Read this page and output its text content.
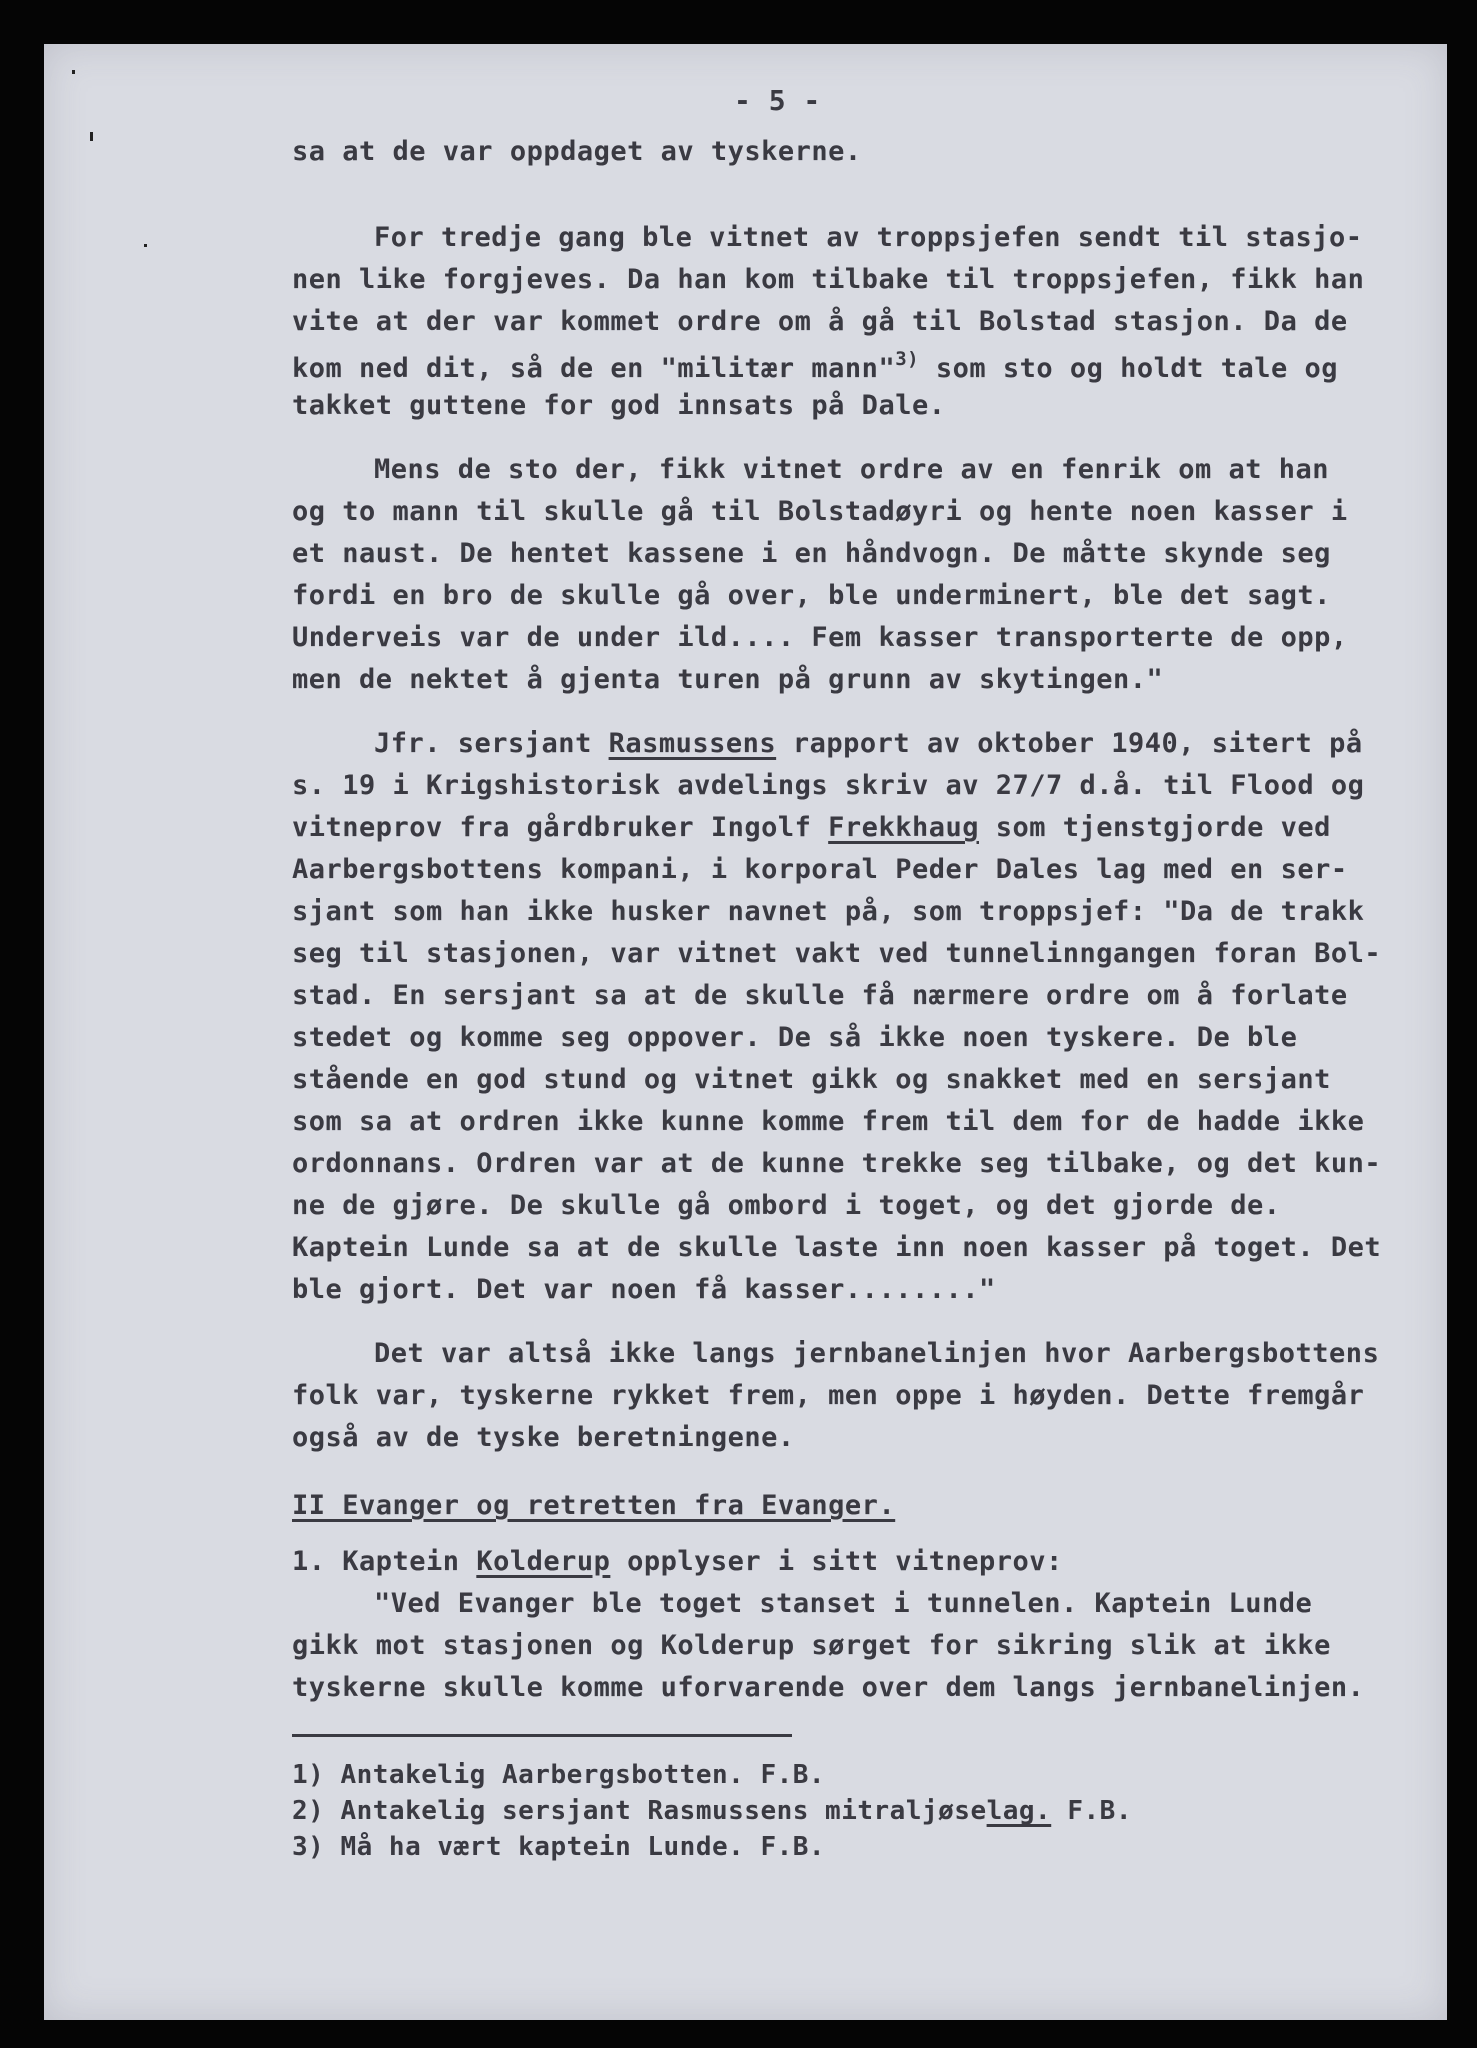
- 5 -
sa at de var oppdaget av tyskerne.
For tredje gang ble vitnet av troppsjefen sendt til stasjo-
nen like forgjeves. Da han kom tilbake til troppsjefen, fikk han
vite at der var kommet ordre om å gå til Bolstad stasjon. Da de
kom ned dit, så de en "militær mann"$^{3)}$ som sto og holdt tale og
takket guttene for god innsats på Dale.
Mens de sto der, fikk vitnet ordre av en fenrik om at han
og to mann til skulle gå til Bolstadøyri og hente noen kasser i
et naust. De hentet kassene i en håndvogn. De måtte skynde seg
fordi en bro de skulle gå over, ble underminert, ble det sagt.
Underveis var de under ild.... Fem kasser transporterte de opp,
men de nektet å gjenta turen på grunn av skytingen."
Jfr. sersjant Rasmussens rapport av oktober 1940, sitert på
s. 19 i Krigshistorisk avdelings skriv av 27/7 d.å. til Flood og
vitneprov fra gårdbruker Ingolf Frekkhaug som tjenstgjorde ved
Aarbergsbottens kompani, i korporal Peder Dales lag med en ser-
sjant som han ikke husker navnet på, som troppsjef: "Da de trakk
seg til stasjonen, var vitnet vakt ved tunnelinngangen foran Bol-
stad. En sersjant sa at de skulle få nærmere ordre om å forlate
stedet og komme seg oppover. De så ikke noen tyskere. De ble
stående en god stund og vitnet gikk og snakket med en sersjant
som sa at ordren ikke kunne komme frem til dem for de hadde ikke
ordonnans. Ordren var at de kunne trekke seg tilbake, og det kun-
ne de gjøre. De skulle gå ombord i toget, og det gjorde de.
Kaptein Lunde sa at de skulle laste inn noen kasser på toget. Det
ble gjort. Det var noen få kasser........"
Det var altså ikke langs jernbanelinjen hvor Aarbergsbottens
folk var, tyskerne rykket frem, men oppe i høyden. Dette fremgår
også av de tyske beretningene.
II Evanger og retretten fra Evanger.
1. Kaptein Kolderup opplyser i sitt vitneprov:
"Ved Evanger ble toget stanset i tunnelen. Kaptein Lunde
gikk mot stasjonen og Kolderup sørget for sikring slik at ikke
tyskerne skulle komme uforvarende over dem langs jernbanelinjen.
1) Antakelig Aarbergsbotten. F.B.
2) Antakelig sersjant Rasmussens mitraljøselag. F.B.
3) Må ha vært kaptein Lunde. F.B.
